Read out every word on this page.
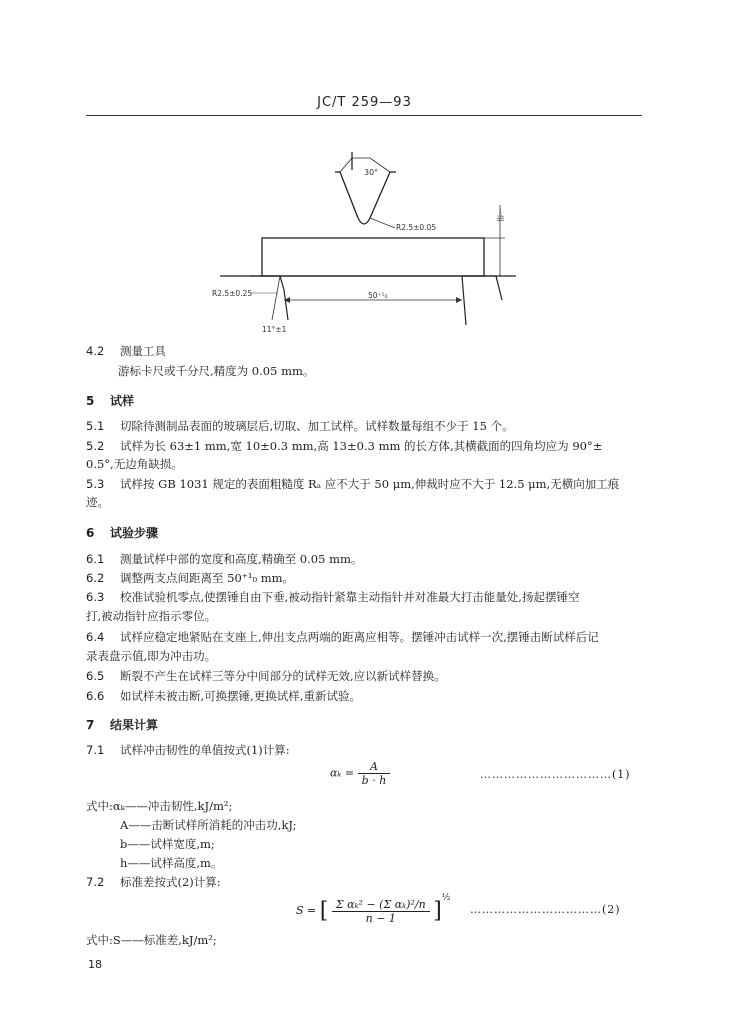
JC/T 259—93
30°
R2.5±0.05
一组
50⁺¹₀
R2.5±0.25
11°±1
4.2 测量工具
游标卡尺或千分尺,精度为 0.05 mm。
5 试样
5.1 切除待测制品表面的玻璃层后,切取、加工试样。试样数量每组不少于 15 个。
5.2 试样为长 63±1 mm,宽 10±0.3 mm,高 13±0.3 mm 的长方体,其横截面的四角均应为 90°±
0.5°,无边角缺损。
5.3 试样按 GB 1031 规定的表面粗糙度 Rₐ 应不大于 50 μm,伸裁时应不大于 12.5 μm,无横向加工痕
迹。
6 试验步骤
6.1 测量试样中部的宽度和高度,精确至 0.05 mm。
6.2 调整两支点间距离至 50⁺¹₀ mm。
6.3 校准试验机零点,使摆锤自由下垂,被动指针紧靠主动指针并对准最大打击能量处,扬起摆锤空
打,被动指针应指示零位。
6.4 试样应稳定地紧贴在支座上,伸出支点两端的距离应相等。摆锤冲击试样一次,摆锤击断试样后记
录表盘示值,即为冲击功。
6.5 断裂不产生在试样三等分中间部分的试样无效,应以新试样替换。
6.6 如试样未被击断,可换摆锤,更换试样,重新试验。
7 结果计算
7.1 试样冲击韧性的单值按式(1)计算:
$\alpha_k = \frac{A}{b \cdot h}$	……………………………(1)
式中:αₖ——冲击韧性,kJ/m²;
A——击断试样所消耗的冲击功,kJ;
b——试样宽度,m;
h——试样高度,m。
7.2 标准差按式(2)计算:
S = [ $\frac{\text{Σ αₖ² − (Σ αₖ)²/n}}{n - 1} ]^{\frac{1}{2}}$
……………………………(2)
式中:S——标准差,kJ/m²;
18
